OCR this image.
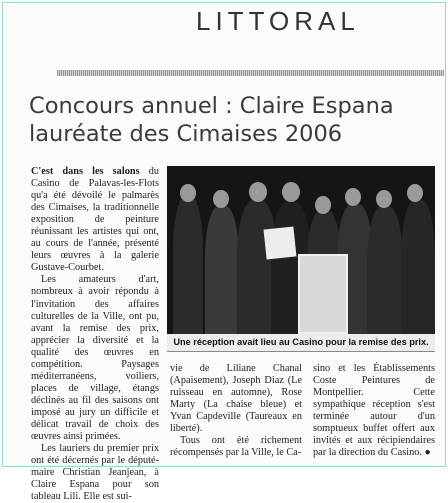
LITTORAL
Concours annuel : Claire Espana
lauréate des Cimaises 2006

C'est dans les salons du Casino de Palavas-les-Flots qu'a été dévoilé le palmarès des Cimaises, la traditionnelle exposition de peinture réunissant les artistes qui ont, au cours de l'année, présenté leurs œuvres à la galerie Gustave-Courbet.

Les amateurs d'art, nombreux à avoir répondu à l'invitation des affaires culturelles de la Ville, ont pu, avant la remise des prix, apprécier la diversité et la qualité des œuvres en compétition. Paysages méditerranéens, voiliers, places de village, étangs déclinés au fil des saisons ont imposé au jury un difficile et délicat travail de choix des œuvres ainsi primées.

Les lauriers du premier prix ont été décernés par le député-maire Christian Jeanjean, à Claire Espana pour son tableau Lili. Elle est sui-

Une réception avait lieu au Casino pour la remise des prix.

vie de Liliane Chanal (Apaisement), Joseph Diaz (Le ruisseau en automne), Rose Marty (La chaise bleue) et Yvan Capdeville (Taureaux en liberté).

Tous ont été richement récompensés par la Ville, le Ca-

sino et les Établissements Coste Peintures de Montpellier. Cette sympathique réception s'est terminée autour d'un somptueux buffet offert aux invités et aux récipiendaires par la direction du Casino. ●
